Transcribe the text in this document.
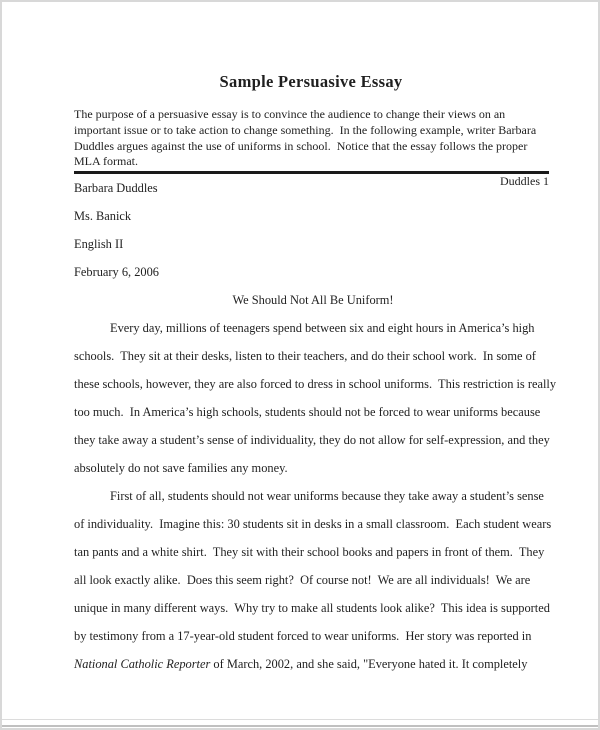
Sample Persuasive Essay
The purpose of a persuasive essay is to convince the audience to change their views on an
important issue or to take action to change something.  In the following example, writer Barbara
Duddles argues against the use of uniforms in school.  Notice that the essay follows the proper
MLA format.
Duddles 1
Barbara Duddles
Ms. Banick
English II
February 6, 2006
We Should Not All Be Uniform!
Every day, millions of teenagers spend between six and eight hours in America’s high
schools.  They sit at their desks, listen to their teachers, and do their school work.  In some of
these schools, however, they are also forced to dress in school uniforms.  This restriction is really
too much.  In America’s high schools, students should not be forced to wear uniforms because
they take away a student’s sense of individuality, they do not allow for self-expression, and they
absolutely do not save families any money.
First of all, students should not wear uniforms because they take away a student’s sense
of individuality.  Imagine this: 30 students sit in desks in a small classroom.  Each student wears
tan pants and a white shirt.  They sit with their school books and papers in front of them.  They
all look exactly alike.  Does this seem right?  Of course not!  We are all individuals!  We are
unique in many different ways.  Why try to make all students look alike?  This idea is supported
by testimony from a 17-year-old student forced to wear uniforms.  Her story was reported in
National Catholic Reporter of March, 2002, and she said, "Everyone hated it. It completely
